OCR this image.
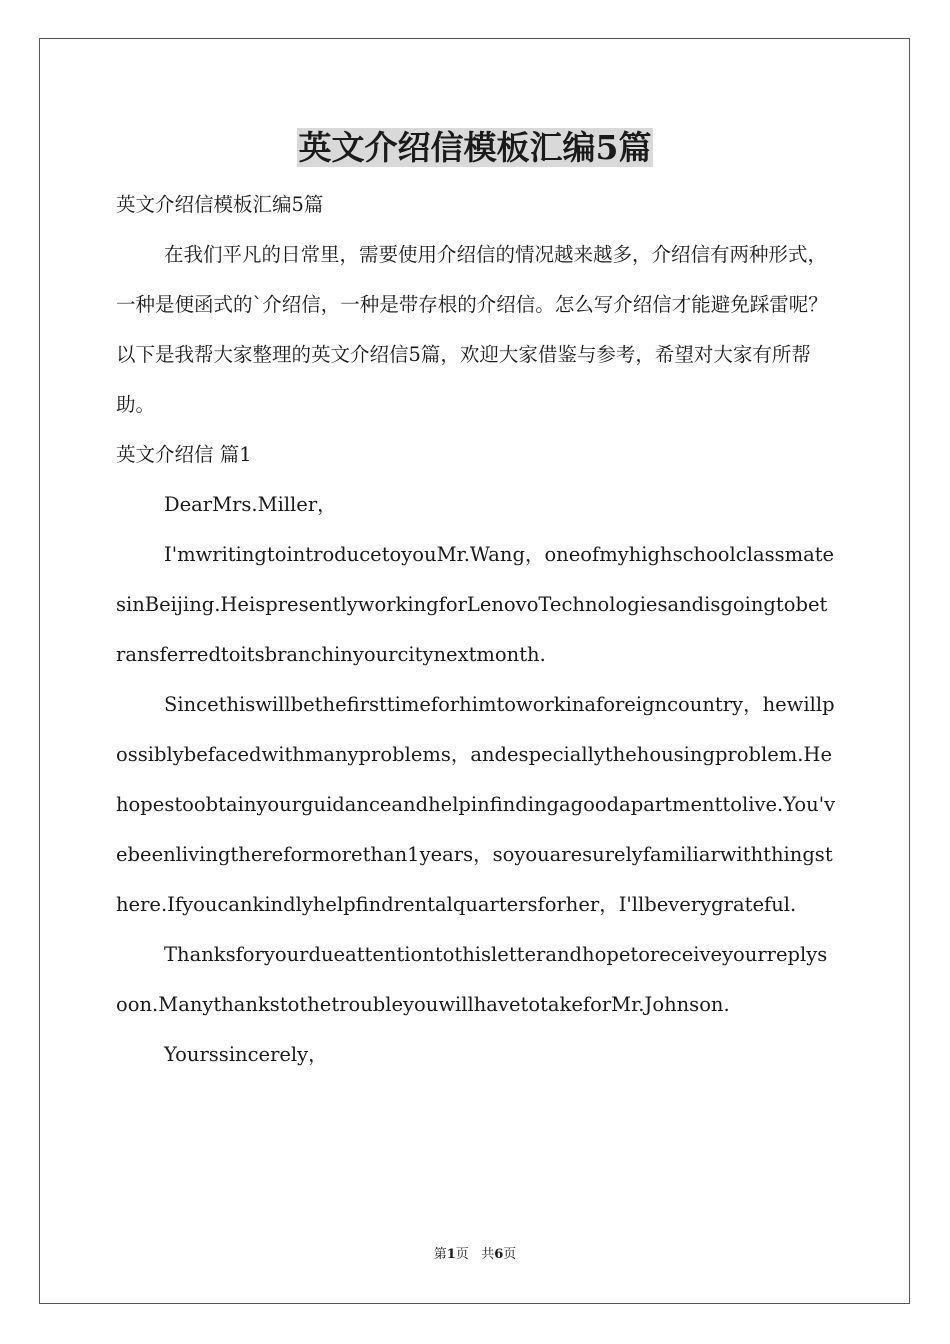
英文介绍信模板汇编5篇

英文介绍信模板汇编5篇

在我们平凡的日常里，需要使用介绍信的情况越来越多，介绍信有两种形式，一种是便函式的`介绍信，一种是带存根的介绍信。怎么写介绍信才能避免踩雷呢？以下是我帮大家整理的英文介绍信5篇，欢迎大家借鉴与参考，希望对大家有所帮助。

英文介绍信 篇1

DearMrs.Miller，

I'mwritingtointroducetoyouMr.Wang，oneofmyhighschoolclassmatesinBeijing.HeispresentlyworkingforLenovoTechnologiesandisgoingtobetransferredtoitsbranchinyourcitynextmonth.

Sincethiswillbethefirsttimeforhimtoworkinaforeigncountry，hewillpossiblybefacedwithmanyproblems，andespeciallythehousingproblem.Hehopestoobtainyourguidanceandhelpinfindingagoodapartmenttolive.You'vebeenlivingthereformorethan1years，soyouaresurelyfamiliarwiththingsthere.Ifyoucankindlyhelpfindrentalquartersforher，I'llbeverygrateful.

Thanksforyourdueattentiontothisletterandhopetoreceiveyourreplysoon.ManythankstothetroubleyouwillhavetotakeforMr.Johnson.

Yourssincerely，

第1页 共6页
